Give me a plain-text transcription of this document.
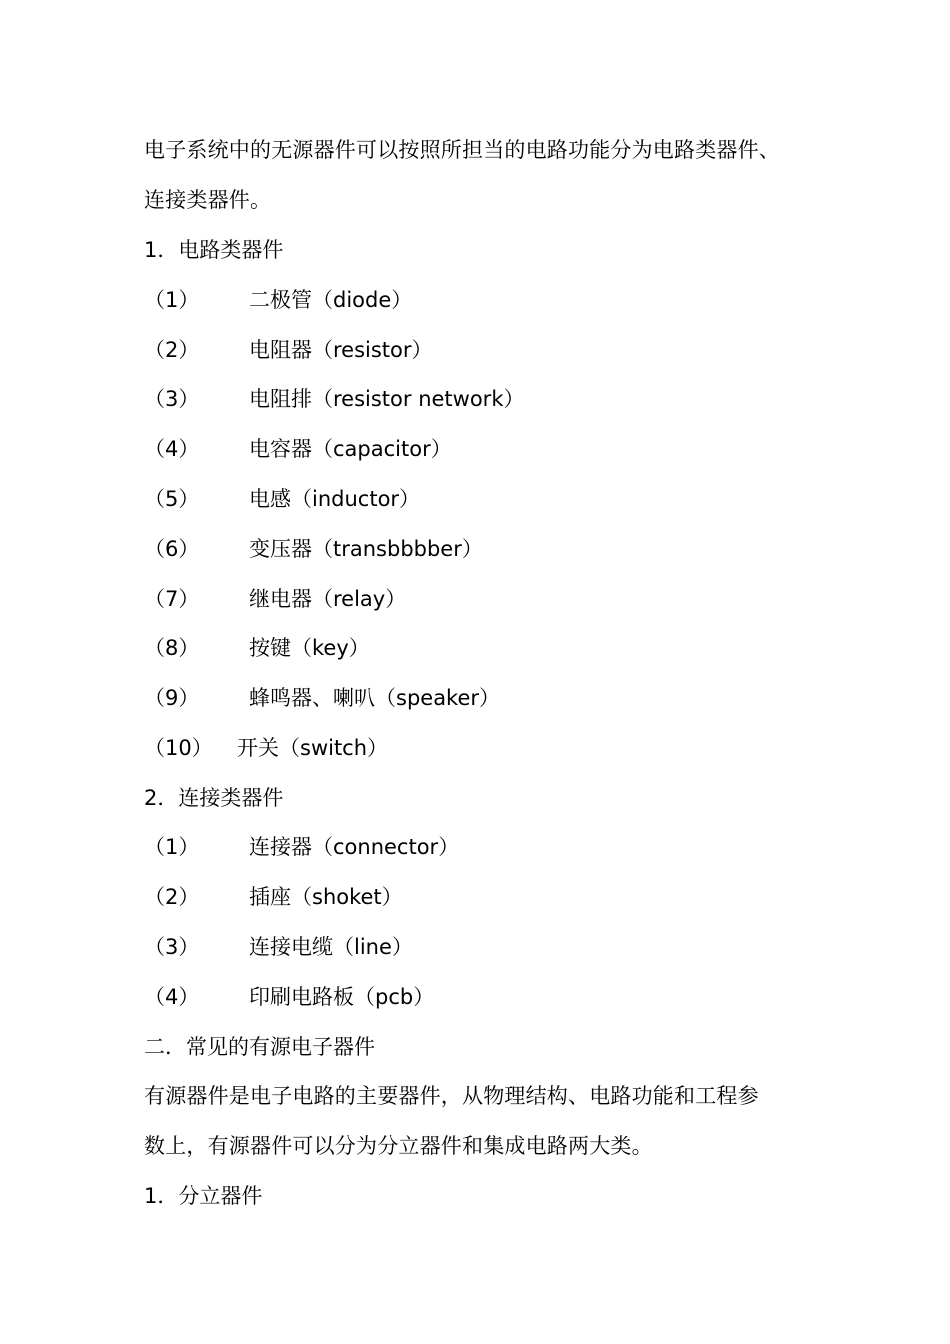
电子系统中的无源器件可以按照所担当的电路功能分为电路类器件、
连接类器件。
1．电路类器件
（1） 二极管（diode）
（2） 电阻器（resistor）
（3） 电阻排（resistor network）
（4） 电容器（capacitor）
（5） 电感（inductor）
（6） 变压器（transbbbber）
（7） 继电器（relay）
（8） 按键（key）
（9） 蜂鸣器、喇叭（speaker）
（10） 开关（switch）
2．连接类器件
（1） 连接器（connector）
（2） 插座（shoket）
（3） 连接电缆（line）
（4） 印刷电路板（pcb）
二．常见的有源电子器件
有源器件是电子电路的主要器件，从物理结构、电路功能和工程参
数上，有源器件可以分为分立器件和集成电路两大类。
1．分立器件
